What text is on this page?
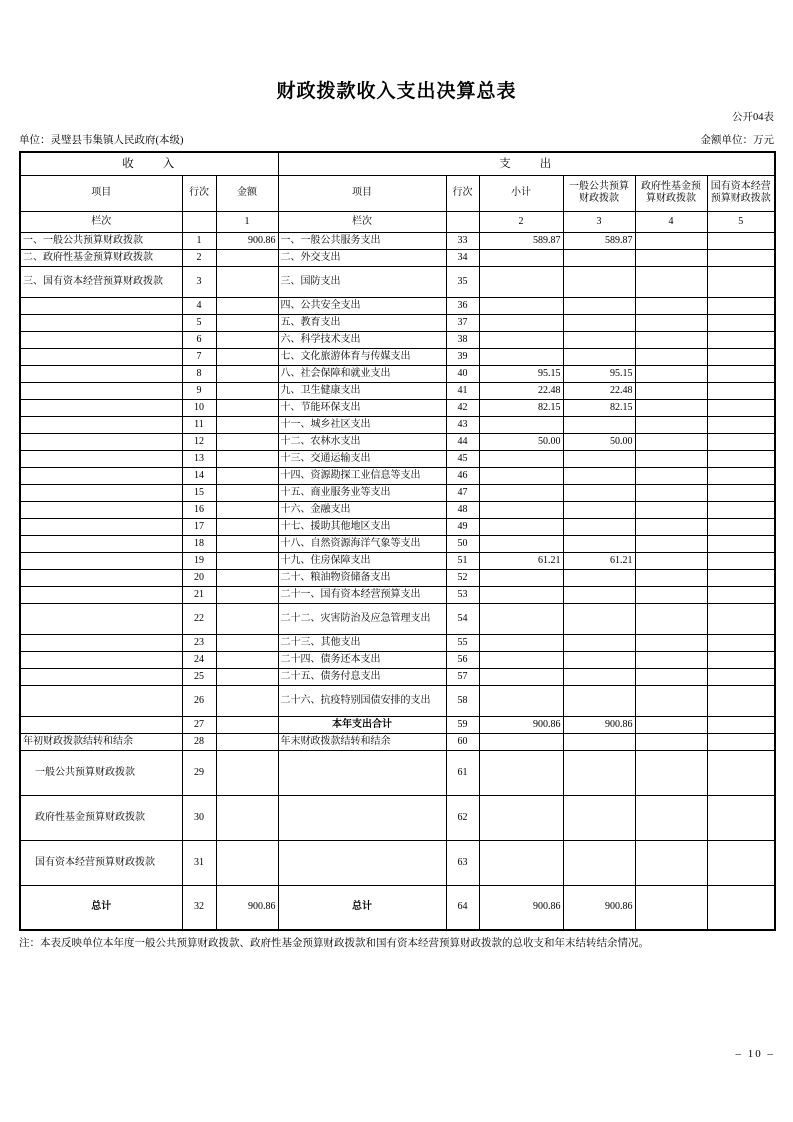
财政拨款收入支出决算总表
公开04表
单位：灵璧县韦集镇人民政府(本级)	金额单位：万元
收　　入			支　　出					
项目	行次	金额	项目	行次	小计	一般公共预算财政拨款	政府性基金预算财政拨款	国有资本经营预算财政拨款
栏次		1	栏次		2	3	4	5
一、一般公共预算财政拨款	1	900.86	一、一般公共服务支出	33	589.87	589.87		
二、政府性基金预算财政拨款	2		二、外交支出	34				
三、国有资本经营预算财政拨款	3		三、国防支出	35				
	4		四、公共安全支出	36				
	5		五、教育支出	37				
	6		六、科学技术支出	38				
	7		七、文化旅游体育与传媒支出	39				
	8		八、社会保障和就业支出	40	95.15	95.15		
	9		九、卫生健康支出	41	22.48	22.48		
	10		十、节能环保支出	42	82.15	82.15		
	11		十一、城乡社区支出	43				
	12		十二、农林水支出	44	50.00	50.00		
	13		十三、交通运输支出	45				
	14		十四、资源勘探工业信息等支出	46				
	15		十五、商业服务业等支出	47				
	16		十六、金融支出	48				
	17		十七、援助其他地区支出	49				
	18		十八、自然资源海洋气象等支出	50				
	19		十九、住房保障支出	51	61.21	61.21		
	20		二十、粮油物资储备支出	52				
	21		二十一、国有资本经营预算支出	53				
	22		二十二、灾害防治及应急管理支出	54				
	23		二十三、其他支出	55				
	24		二十四、债务还本支出	56				
	25		二十五、债务付息支出	57				
	26		二十六、抗疫特别国债安排的支出	58				
	27		本年支出合计	59	900.86	900.86		
年初财政拨款结转和结余	28		年末财政拨款结转和结余	60				
一般公共预算财政拨款	29			61				
政府性基金预算财政拨款	30			62				
国有资本经营预算财政拨款	31			63				
总计	32	900.86	总计	64	900.86	900.86		
注：本表反映单位本年度一般公共预算财政拨款、政府性基金预算财政拨款和国有资本经营预算财政拨款的总收支和年末结转结余情况。
– 10 –
